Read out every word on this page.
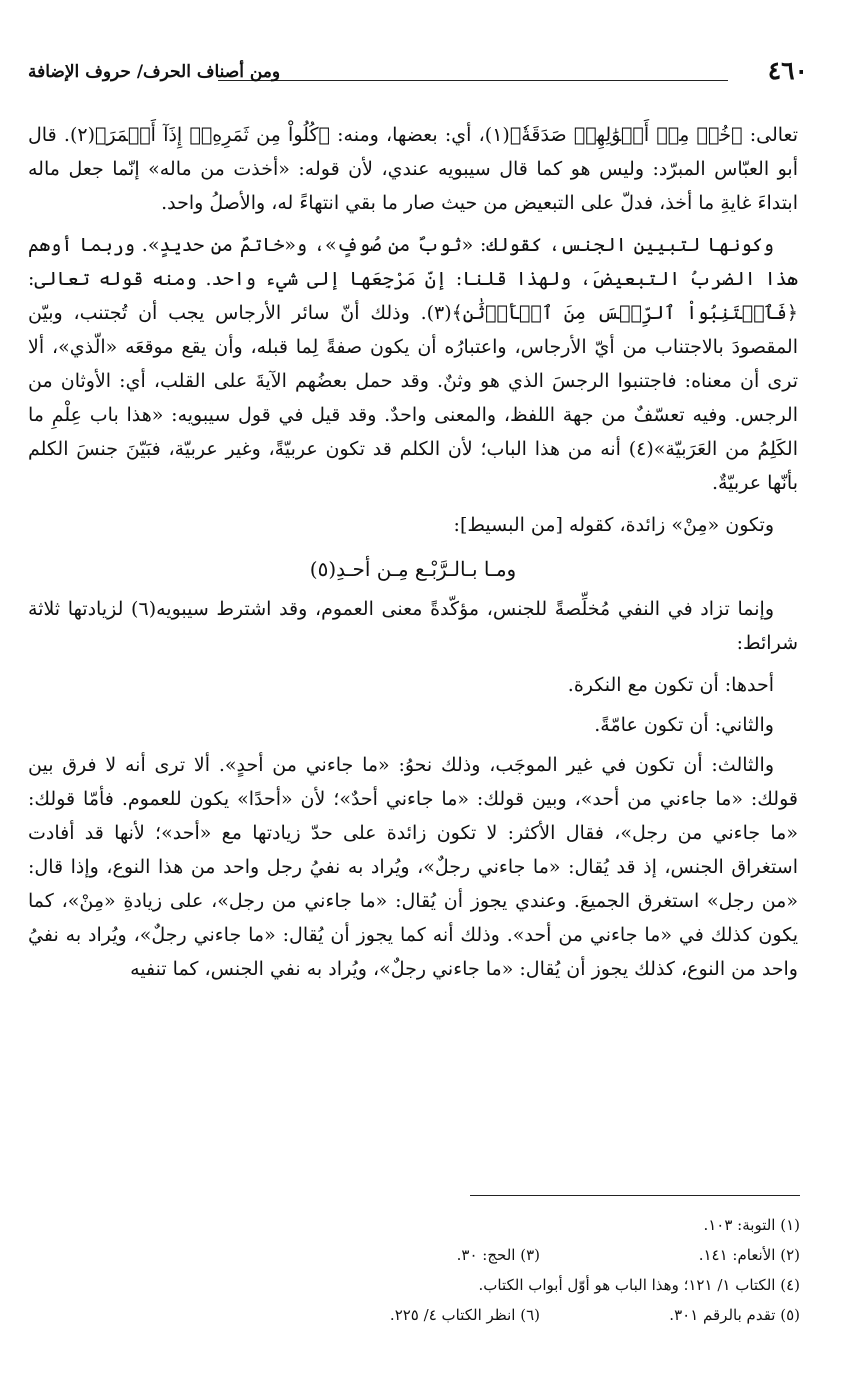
٤٦٠
ومن أصناف الحرف/ حروف الإضافة

تعالى: ﴿خُذۡ مِنۡ أَمۡوَٰلِهِمۡ صَدَقَةٗ﴾(١)، أي: بعضها، ومنه: ﴿كُلُواْ مِن ثَمَرِهِۦٓ إِذَآ أَثۡمَرَ﴾(٢). قال أبو العبّاس المبرّد: وليس هو كما قال سيبويه عندي، لأن قوله: «أخذت من ماله» إنّما جعل ماله ابتداءَ غايةِ ما أخذ، فدلّ على التبعيض من حيث صار ما بقي انتهاءً له، والأصلُ واحد.

وكونها لتبيين الجنس، كقولك: «ثوبٌ من صُوفٍ»، و«خاتمٌ من حديدٍ». وربما أوهم هذا الضربُ التبعيضَ، ولهذا قلنا: إنّ مَرْجِعَها إلى شيء واحد. ومنه قوله تعالى: ﴿فَٱجۡتَنِبُواْ ٱلرِّجۡسَ مِنَ ٱلۡأَوۡثَٰنِ﴾(٣). وذلك أنّ سائر الأرجاس يجب أن تُجتنب، وبيّن المقصودَ بالاجتناب من أيّ الأرجاس، واعتبارُه أن يكون صفةً لِما قبله، وأن يقع موقعَه «الّذي»، ألا ترى أن معناه: فاجتنبوا الرجسَ الذي هو وثنٌ. وقد حمل بعضُهم الآيةَ على القلب، أي: الأوثان من الرجس. وفيه تعسّفٌ من جهة اللفظ، والمعنى واحدٌ. وقد قيل في قول سيبويه: «هذا باب عِلْمِ ما الكَلِمُ من العَرَبيّة»(٤) أنه من هذا الباب؛ لأن الكلم قد تكون عربيّةً، وغير عربيّة، فبَيّنَ جنسَ الكلم بأنّها عربيّةٌ.

وتكون «مِنْ» زائدة، كقوله [من البسيط]:

ومـا بـالـرَّبْـع مِـن أحـدِ(٥)

وإنما تزاد في النفي مُخلِّصةً للجنس، مؤكّدةً معنى العموم، وقد اشترط سيبويه(٦) لزيادتها ثلاثة شرائط:

أحدها: أن تكون مع النكرة.

والثاني: أن تكون عامّةً.

والثالث: أن تكون في غير الموجَب، وذلك نحوُ: «ما جاءني من أحدٍ». ألا ترى أنه لا فرق بين قولك: «ما جاءني من أحد»، وبين قولك: «ما جاءني أحدٌ»؛ لأن «أحدًا» يكون للعموم. فأمّا قولك: «ما جاءني من رجل»، فقال الأكثر: لا تكون زائدة على حدّ زيادتها مع «أحد»؛ لأنها قد أفادت استغراق الجنس، إذ قد يُقال: «ما جاءني رجلٌ»، ويُراد به نفيُ رجل واحد من هذا النوع، وإذا قال: «من رجل» استغرق الجميعَ. وعندي يجوز أن يُقال: «ما جاءني من رجل»، على زيادةِ «مِنْ»، كما يكون كذلك في «ما جاءني من أحد». وذلك أنه كما يجوز أن يُقال: «ما جاءني رجلٌ»، ويُراد به نفيُ واحد من النوع، كذلك يجوز أن يُقال: «ما جاءني رجلٌ»، ويُراد به نفي الجنس، كما تنفيه

(١) التوبة: ١٠٣.
(٢) الأنعام: ١٤١.
(٣) الحج: ٣٠.
(٤) الكتاب ١/ ١٢١؛ وهذا الباب هو أوّل أبواب الكتاب.
(٥) تقدم بالرقم ٣٠١.
(٦) انظر الكتاب ٤/ ٢٢٥.
